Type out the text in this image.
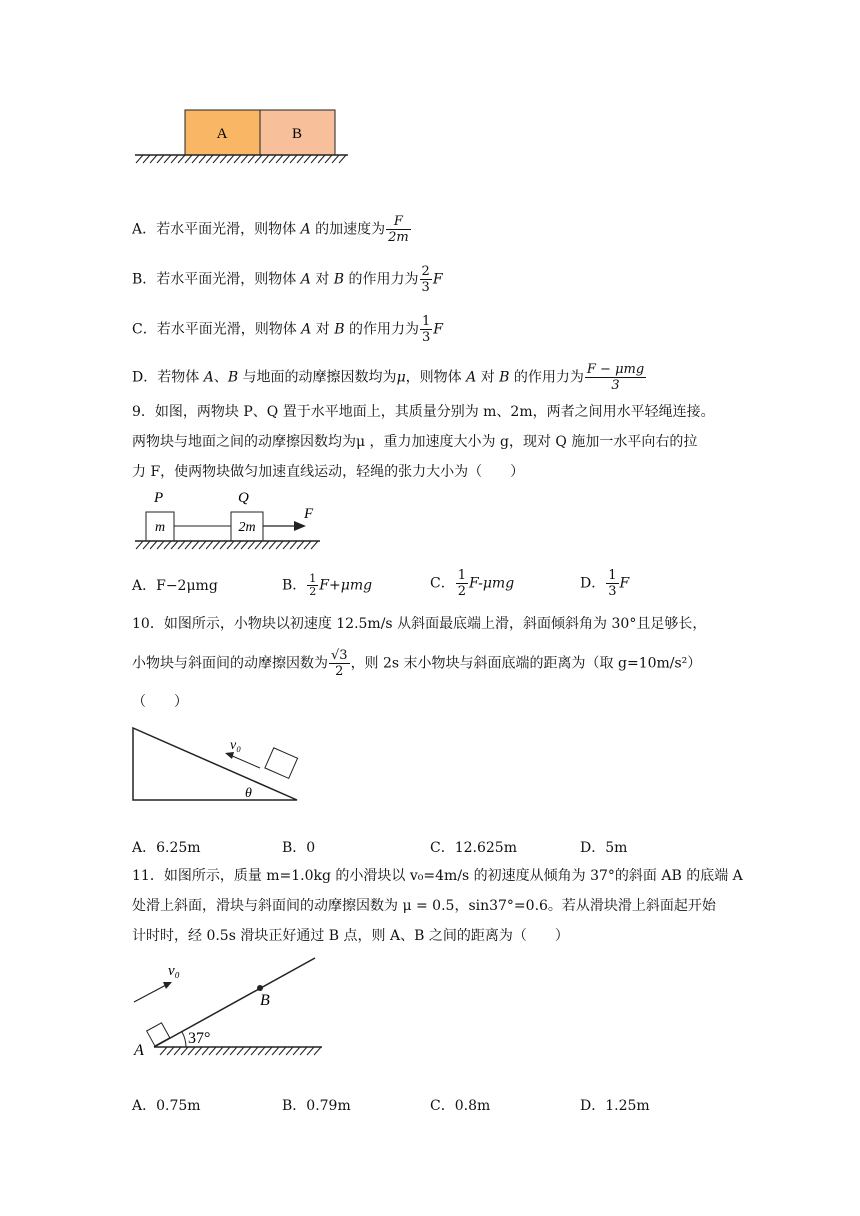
A	B
A．若水平面光滑，则物体 A 的加速度为 $\frac{F}{2m}$
B．若水平面光滑，则物体 A 对 B 的作用力为 $\frac{2}{3}$ F
C．若水平面光滑，则物体 A 对 B 的作用力为 $\frac{1}{3}$ F
D．若物体 A、B 与地面的动摩擦因数均为μ，则物体 A 对 B 的作用力为 $\frac{\text{F − μmg}}{3}$
9．如图，两物块 P、Q 置于水平地面上，其质量分别为 m、2m，两者之间用水平轻绳连接。
两物块与地面之间的动摩擦因数均为μ ，重力加速度大小为 g，现对 Q 施加一水平向右的拉
力 F，使两物块做匀加速直线运动，轻绳的张力大小为（　　）
P	Q
m	2m
F
A．F−2μmg	B． $\frac{1}{2} F+\mu mg$	C． $\frac{1}{2} F-\mu mg$	D． $\frac{1}{3}$ F
10．如图所示，小物块以初速度 12.5m/s 从斜面最底端上滑，斜面倾斜角为 30°且足够长，
小物块与斜面间的动摩擦因数为 $\frac{√3}{2}$ ，则 2s 末小物块与斜面底端的距离为（取 g=10m/s²）
（　　）
v₀
θ
A．6.25m	B．0	C．12.625m	D．5m
11．如图所示，质量 m=1.0kg 的小滑块以 v₀=4m/s 的初速度从倾角为 37°的斜面 AB 的底端 A
处滑上斜面，滑块与斜面间的动摩擦因数为 μ = 0.5，sin37°=0.6。若从滑块滑上斜面起开始
计时时，经 0.5s 滑块正好通过 B 点，则 A、B 之间的距离为（　　）
B
A
37°
v₀
A．0.75m	B．0.79m	C．0.8m	D．1.25m
